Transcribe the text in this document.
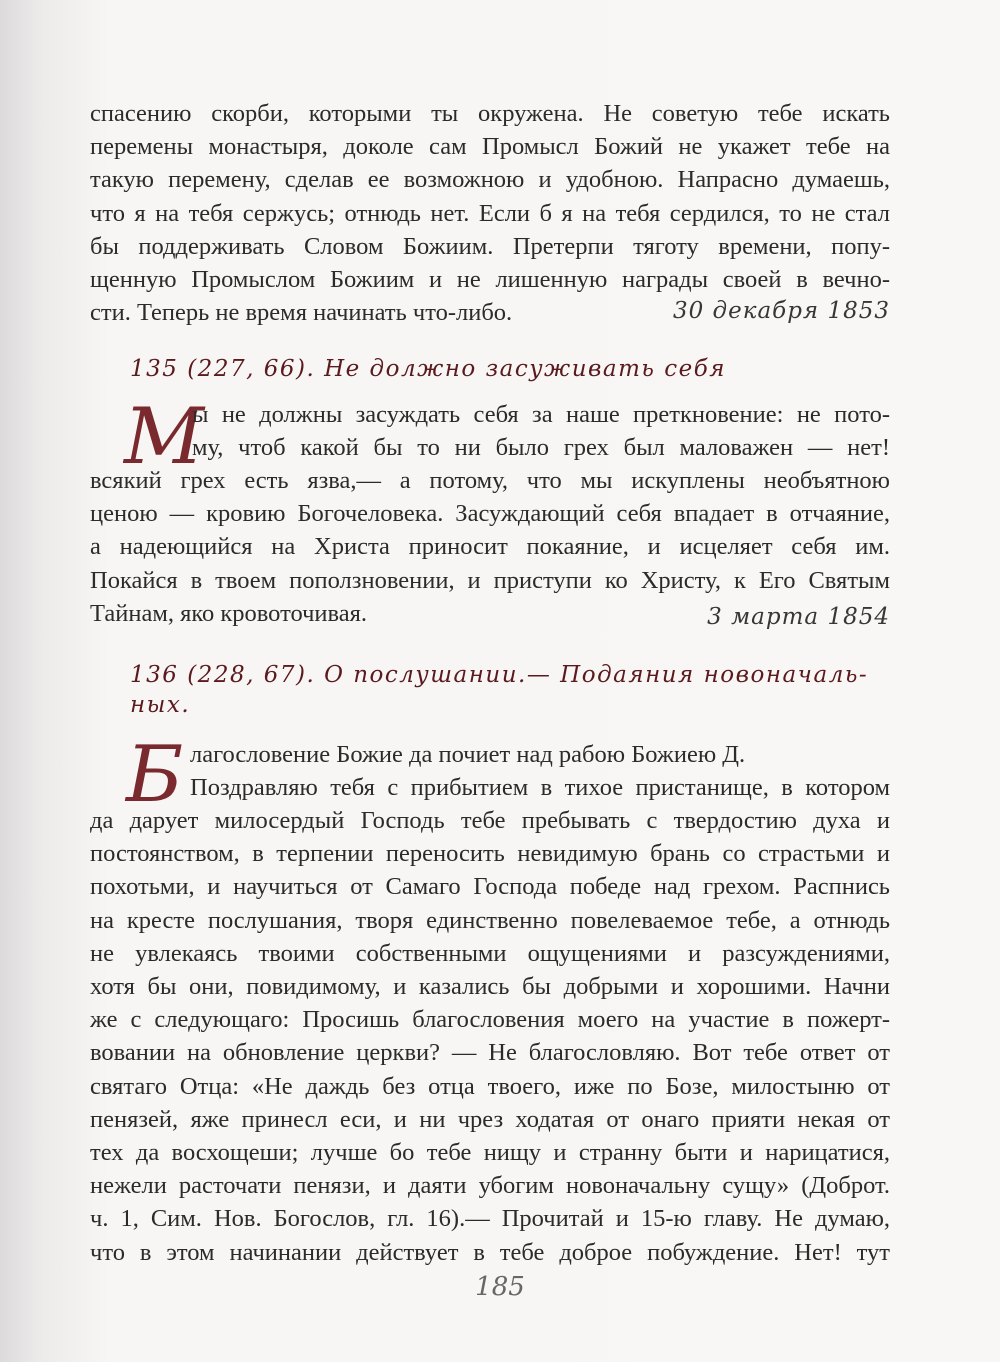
спасению скорби, которыми ты окружена. Не советую тебе искать
перемены монастыря, доколе сам Промысл Божий не укажет тебе на
такую перемену, сделав ее возможною и удобною. Напрасно думаешь,
что я на тебя сержусь; отнюдь нет. Если б я на тебя сердился, то не стал
бы поддерживать Словом Божиим. Претерпи тяготу времени, попу-
щенную Промыслом Божиим и не лишенную награды своей в вечно-
сти. Теперь не время начинать что-либо.	30 декабря 1853
135 (227, 66). Не должно засуживать себя
М
ы не должны засуждать себя за наше преткновение: не пото-
му, чтоб какой бы то ни было грех был маловажен — нет!
всякий грех есть язва,— а потому, что мы искуплены необъятною
ценою — кровию Богочеловека. Засуждающий себя впадает в отчаяние,
а надеющийся на Христа приносит покаяние, и исцеляет себя им.
Покайся в твоем поползновении, и приступи ко Христу, к Его Святым
Тайнам, яко кровоточивая.	3 марта 1854
136 (228, 67). О послушании.— Подаяния новоначаль-
ных.
Б лагословение Божие да почиет над рабою Божиею Д.
Поздравляю тебя с прибытием в тихое пристанище, в котором
да дарует милосердый Господь тебе пребывать с твердостию духа и
постоянством, в терпении переносить невидимую брань со страстьми и
похотьми, и научиться от Самаго Господа победе над грехом. Распнись
на кресте послушания, творя единственно повелеваемое тебе, а отнюдь
не увлекаясь твоими собственными ощущениями и разсуждениями,
хотя бы они, повидимому, и казались бы добрыми и хорошими. Начни
же с следующаго: Просишь благословения моего на участие в пожерт-
вовании на обновление церкви? — Не благословляю. Вот тебе ответ от
святаго Отца: «Не даждь без отца твоего, иже по Бозе, милостыню от
пенязей, яже принесл еси, и ни чрез ходатая от онаго прияти некая от
тех да восхощеши; лучше бо тебе нищу и странну быти и нарицатися,
нежели расточати пенязи, и даяти убогим новоначальну сущу» (Доброт.
ч. 1, Сим. Нов. Богослов, гл. 16).— Прочитай и 15-ю главу. Не думаю,
что в этом начинании действует в тебе доброе побуждение. Нет! тут
185
